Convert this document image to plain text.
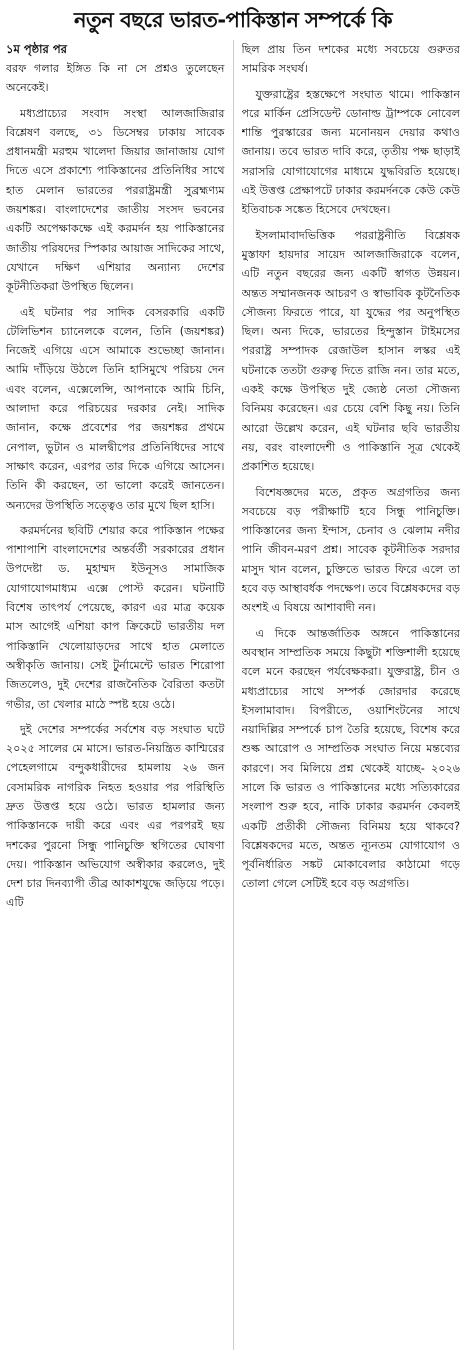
নতুন বছরে ভারত-পাকিস্তান সম্পর্কে কি
১ম পৃষ্ঠার পর

বরফ গলার ইঙ্গিত কি না সে প্রশ্নও তুলেছেন অনেকেই।

মধ্যপ্রাচ্যের সংবাদ সংস্থা আলজাজিরার বিশ্লেষণ বলছে, ৩১ ডিসেম্বর ঢাকায় সাবেক প্রধানমন্ত্রী মরহুম খালেদা জিয়ার জানাজায় যোগ দিতে এসে প্রকাশ্যে পাকিস্তানের প্রতিনিধির সাথে হাত মেলান ভারতের পররাষ্ট্রমন্ত্রী সুব্রহ্মণ্যম জয়শঙ্কর। বাংলাদেশের জাতীয় সংসদ ভবনের একটি অপেক্ষাকক্ষে এই করমর্দন হয় পাকিস্তানের জাতীয় পরিষদের স্পিকার আয়াজ সাদিকের সাথে, যেখানে দক্ষিণ এশিয়ার অন্যান্য দেশের কূটনীতিকরা উপস্থিত ছিলেন।

এই ঘটনার পর সাদিক বেসরকারি একটি টেলিভিশন চ্যানেলকে বলেন, তিনি (জয়শঙ্কর) নিজেই এগিয়ে এসে আমাকে শুভেচ্ছা জানান। আমি দাঁড়িয়ে উঠলে তিনি হাসিমুখে পরিচয় দেন এবং বলেন, এক্সেলেন্সি, আপনাকে আমি চিনি, আলাদা করে পরিচয়ের দরকার নেই। সাদিক জানান, কক্ষে প্রবেশের পর জয়শঙ্কর প্রথমে নেপাল, ভুটান ও মালদ্বীপের প্রতিনিধিদের সাথে সাক্ষাৎ করেন, এরপর তার দিকে এগিয়ে আসেন। তিনি কী করছেন, তা ভালো করেই জানতেন। অন্যদের উপস্থিতি সত্ত্বেও তার মুখে ছিল হাসি।

করমর্দনের ছবিটি শেয়ার করে পাকিস্তান পক্ষের পাশাপাশি বাংলাদেশের অন্তর্বর্তী সরকারের প্রধান উপদেষ্টা ড. মুহাম্মদ ইউনূসও সামাজিক যোগাযোগমাধ্যম এক্সে পোস্ট করেন। ঘটনাটি বিশেষ তাৎপর্য পেয়েছে, কারণ এর মাত্র কয়েক মাস আগেই এশিয়া কাপ ক্রিকেটে ভারতীয় দল পাকিস্তানি খেলোয়াড়দের সাথে হাত মেলাতে অস্বীকৃতি জানায়। সেই টুর্নামেন্টে ভারত শিরোপা জিতলেও, দুই দেশের রাজনৈতিক বৈরিতা কতটা গভীর, তা খেলার মাঠে স্পষ্ট হয়ে ওঠে।

দুই দেশের সম্পর্কের সর্বশেষ বড় সংঘাত ঘটে ২০২৫ সালের মে মাসে। ভারত-নিয়ন্ত্রিত কাশ্মিরের পেহেলগামে বন্দুকধারীদের হামলায় ২৬ জন বেসামরিক নাগরিক নিহত হওয়ার পর পরিস্থিতি দ্রুত উত্তপ্ত হয়ে ওঠে। ভারত হামলার জন্য পাকিস্তানকে দায়ী করে এবং এর পরপরই ছয় দশকের পুরনো সিন্ধু পানিচুক্তি স্থগিতের ঘোষণা দেয়। পাকিস্তান অভিযোগ অস্বীকার করলেও, দুই দেশ চার দিনব্যাপী তীব্র আকাশযুদ্ধে জড়িয়ে পড়ে। এটি

ছিল প্রায় তিন দশকের মধ্যে সবচেয়ে গুরুতর সামরিক সংঘর্ষ।

যুক্তরাষ্ট্রের হস্তক্ষেপে সংঘাত থামে। পাকিস্তান পরে মার্কিন প্রেসিডেন্ট ডোনাল্ড ট্রাম্পকে নোবেল শান্তি পুরস্কারের জন্য মনোনয়ন দেয়ার কথাও জানায়। তবে ভারত দাবি করে, তৃতীয় পক্ষ ছাড়াই সরাসরি যোগাযোগের মাধ্যমে যুদ্ধবিরতি হয়েছে। এই উত্তপ্ত প্রেক্ষাপটে ঢাকার করমর্দনকে কেউ কেউ ইতিবাচক সঙ্কেত হিসেবে দেখছেন।

ইসলামাবাদভিত্তিক পররাষ্ট্রনীতি বিশ্লেষক মুস্তাফা হায়দার সায়েদ আলজাজিরাকে বলেন, এটি নতুন বছরের জন্য একটি স্বাগত উন্নয়ন। অন্তত সম্মানজনক আচরণ ও স্বাভাবিক কূটনৈতিক সৌজন্য ফিরতে পারে, যা যুদ্ধের পর অনুপস্থিত ছিল। অন্য দিকে, ভারতের হিন্দুস্তান টাইমসের পররাষ্ট্র সম্পাদক রেজাউল হাসান লস্কর এই ঘটনাকে ততটা গুরুত্ব দিতে রাজি নন। তার মতে, একই কক্ষে উপস্থিত দুই জ্যেষ্ঠ নেতা সৌজন্য বিনিময় করেছেন। এর চেয়ে বেশি কিছু নয়। তিনি আরো উল্লেখ করেন, এই ঘটনার ছবি ভারতীয় নয়, বরং বাংলাদেশী ও পাকিস্তানি সূত্র থেকেই প্রকাশিত হয়েছে।

বিশেষজ্ঞদের মতে, প্রকৃত অগ্রগতির জন্য সবচেয়ে বড় পরীক্ষাটি হবে সিন্ধু পানিচুক্তি। পাকিস্তানের জন্য ইন্দাস, চেনাব ও ঝেলাম নদীর পানি জীবন-মরণ প্রশ্ন। সাবেক কূটনীতিক সরদার মাসুদ খান বলেন, চুক্তিতে ভারত ফিরে এলে তা হবে বড় আস্থাবর্ধক পদক্ষেপ। তবে বিশ্লেষকদের বড় অংশই এ বিষয়ে আশাবাদী নন।

এ দিকে আন্তর্জাতিক অঙ্গনে পাকিস্তানের অবস্থান সাম্প্রতিক সময়ে কিছুটা শক্তিশালী হয়েছে বলে মনে করছেন পর্যবেক্ষকরা। যুক্তরাষ্ট্র, চীন ও মধ্যপ্রাচ্যের সাথে সম্পর্ক জোরদার করেছে ইসলামাবাদ। বিপরীতে, ওয়াশিংটনের সাথে নয়াদিল্লির সম্পর্কে চাপ তৈরি হয়েছে, বিশেষ করে শুল্ক আরোপ ও সাম্প্রতিক সংঘাত নিয়ে মন্তব্যের কারণে। সব মিলিয়ে প্রশ্ন থেকেই যাচ্ছে- ২০২৬ সালে কি ভারত ও পাকিস্তানের মধ্যে সত্যিকারের সংলাপ শুরু হবে, নাকি ঢাকার করমর্দন কেবলই একটি প্রতীকী সৌজন্য বিনিময় হয়ে থাকবে? বিশ্লেষকদের মতে, অন্তত ন্যূনতম যোগাযোগ ও পূর্বনির্ধারিত সঙ্কট মোকাবেলার কাঠামো গড়ে তোলা গেলে সেটিই হবে বড় অগ্রগতি।
